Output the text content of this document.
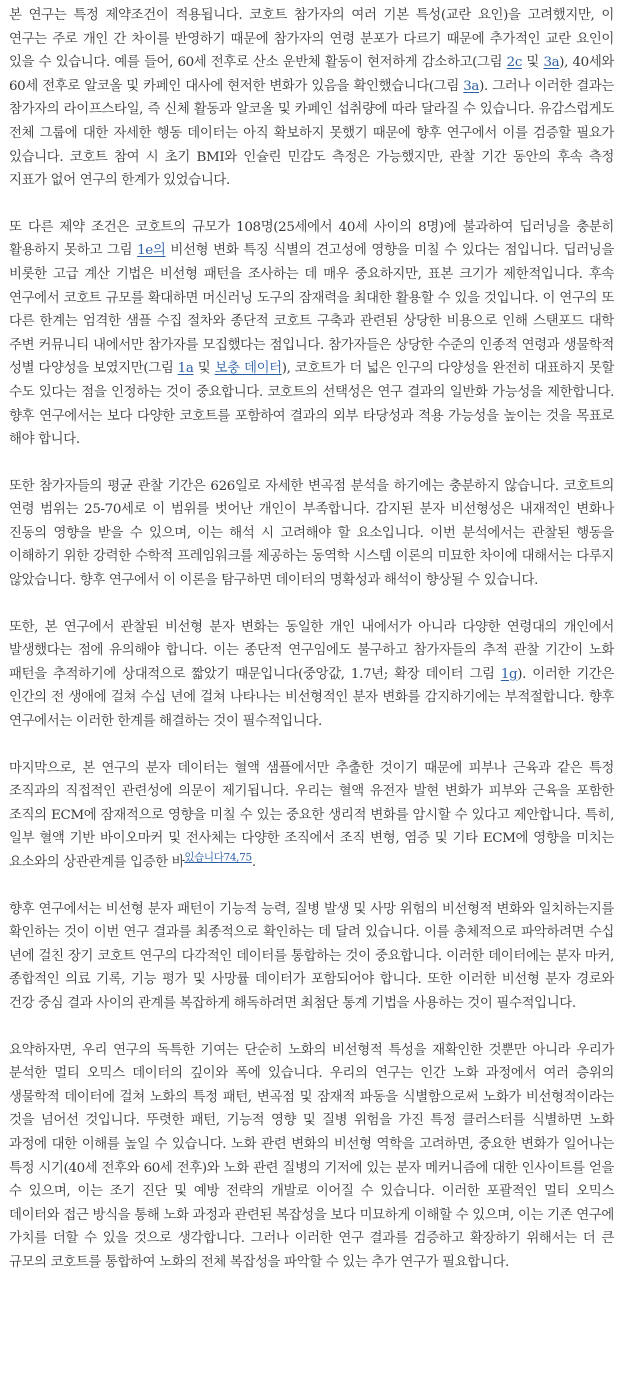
본 연구는 특정 제약조건이 적용됩니다. 코호트 참가자의 여러 기본 특성(교란 요인)을 고려했지만, 이 연구는 주로 개인 간 차이를 반영하기 때문에 참가자의 연령 분포가 다르기 때문에 추가적인 교란 요인이 있을 수 있습니다. 예를 들어, 60세 전후로 산소 운반체 활동이 현저하게 감소하고(그림 2c 및 3a), 40세와 60세 전후로 알코올 및 카페인 대사에 현저한 변화가 있음을 확인했습니다(그림 3a). 그러나 이러한 결과는 참가자의 라이프스타일, 즉 신체 활동과 알코올 및 카페인 섭취량에 따라 달라질 수 있습니다. 유감스럽게도 전체 그룹에 대한 자세한 행동 데이터는 아직 확보하지 못했기 때문에 향후 연구에서 이를 검증할 필요가 있습니다. 코호트 참여 시 초기 BMI와 인슐린 민감도 측정은 가능했지만, 관찰 기간 동안의 후속 측정 지표가 없어 연구의 한계가 있었습니다.

또 다른 제약 조건은 코호트의 규모가 108명(25세에서 40세 사이의 8명)에 불과하여 딥러닝을 충분히 활용하지 못하고 그림 1e의 비선형 변화 특징 식별의 견고성에 영향을 미칠 수 있다는 점입니다. 딥러닝을 비롯한 고급 계산 기법은 비선형 패턴을 조사하는 데 매우 중요하지만, 표본 크기가 제한적입니다. 후속 연구에서 코호트 규모를 확대하면 머신러닝 도구의 잠재력을 최대한 활용할 수 있을 것입니다. 이 연구의 또 다른 한계는 엄격한 샘플 수집 절차와 종단적 코호트 구축과 관련된 상당한 비용으로 인해 스탠포드 대학 주변 커뮤니티 내에서만 참가자를 모집했다는 점입니다. 참가자들은 상당한 수준의 인종적 연령과 생물학적 성별 다양성을 보였지만(그림 1a 및 보충 데이터), 코호트가 더 넓은 인구의 다양성을 완전히 대표하지 못할 수도 있다는 점을 인정하는 것이 중요합니다. 코호트의 선택성은 연구 결과의 일반화 가능성을 제한합니다. 향후 연구에서는 보다 다양한 코호트를 포함하여 결과의 외부 타당성과 적용 가능성을 높이는 것을 목표로 해야 합니다.

또한 참가자들의 평균 관찰 기간은 626일로 자세한 변곡점 분석을 하기에는 충분하지 않습니다. 코호트의 연령 범위는 25-70세로 이 범위를 벗어난 개인이 부족합니다. 감지된 분자 비선형성은 내재적인 변화나 진동의 영향을 받을 수 있으며, 이는 해석 시 고려해야 할 요소입니다. 이번 분석에서는 관찰된 행동을 이해하기 위한 강력한 수학적 프레임워크를 제공하는 동역학 시스템 이론의 미묘한 차이에 대해서는 다루지 않았습니다. 향후 연구에서 이 이론을 탐구하면 데이터의 명확성과 해석이 향상될 수 있습니다.

또한, 본 연구에서 관찰된 비선형 분자 변화는 동일한 개인 내에서가 아니라 다양한 연령대의 개인에서 발생했다는 점에 유의해야 합니다. 이는 종단적 연구임에도 불구하고 참가자들의 추적 관찰 기간이 노화 패턴을 추적하기에 상대적으로 짧았기 때문입니다(중앙값, 1.7년; 확장 데이터 그림 1g). 이러한 기간은 인간의 전 생애에 걸쳐 수십 년에 걸쳐 나타나는 비선형적인 분자 변화를 감지하기에는 부적절합니다. 향후 연구에서는 이러한 한계를 해결하는 것이 필수적입니다.

마지막으로, 본 연구의 분자 데이터는 혈액 샘플에서만 추출한 것이기 때문에 피부나 근육과 같은 특정 조직과의 직접적인 관련성에 의문이 제기됩니다. 우리는 혈액 유전자 발현 변화가 피부와 근육을 포함한 조직의 ECM에 잠재적으로 영향을 미칠 수 있는 중요한 생리적 변화를 암시할 수 있다고 제안합니다. 특히, 일부 혈액 기반 바이오마커 및 전사체는 다양한 조직에서 조직 변형, 염증 및 기타 ECM에 영향을 미치는 요소와의 상관관계를 입증한 바$^{있습니다74,75}$.

향후 연구에서는 비선형 분자 패턴이 기능적 능력, 질병 발생 및 사망 위험의 비선형적 변화와 일치하는지를 확인하는 것이 이번 연구 결과를 최종적으로 확인하는 데 달려 있습니다. 이를 총체적으로 파악하려면 수십 년에 걸친 장기 코호트 연구의 다각적인 데이터를 통합하는 것이 중요합니다. 이러한 데이터에는 분자 마커, 종합적인 의료 기록, 기능 평가 및 사망률 데이터가 포함되어야 합니다. 또한 이러한 비선형 분자 경로와 건강 중심 결과 사이의 관계를 복잡하게 해독하려면 최첨단 통계 기법을 사용하는 것이 필수적입니다.

요약하자면, 우리 연구의 독특한 기여는 단순히 노화의 비선형적 특성을 재확인한 것뿐만 아니라 우리가 분석한 멀티 오믹스 데이터의 깊이와 폭에 있습니다. 우리의 연구는 인간 노화 과정에서 여러 층위의 생물학적 데이터에 걸쳐 노화의 특정 패턴, 변곡점 및 잠재적 파동을 식별함으로써 노화가 비선형적이라는 것을 넘어선 것입니다. 뚜렷한 패턴, 기능적 영향 및 질병 위험을 가진 특정 클러스터를 식별하면 노화 과정에 대한 이해를 높일 수 있습니다. 노화 관련 변화의 비선형 역학을 고려하면, 중요한 변화가 일어나는 특정 시기(40세 전후와 60세 전후)와 노화 관련 질병의 기저에 있는 분자 메커니즘에 대한 인사이트를 얻을 수 있으며, 이는 조기 진단 및 예방 전략의 개발로 이어질 수 있습니다. 이러한 포괄적인 멀티 오믹스 데이터와 접근 방식을 통해 노화 과정과 관련된 복잡성을 보다 미묘하게 이해할 수 있으며, 이는 기존 연구에 가치를 더할 수 있을 것으로 생각합니다. 그러나 이러한 연구 결과를 검증하고 확장하기 위해서는 더 큰 규모의 코호트를 통합하여 노화의 전체 복잡성을 파악할 수 있는 추가 연구가 필요합니다.
